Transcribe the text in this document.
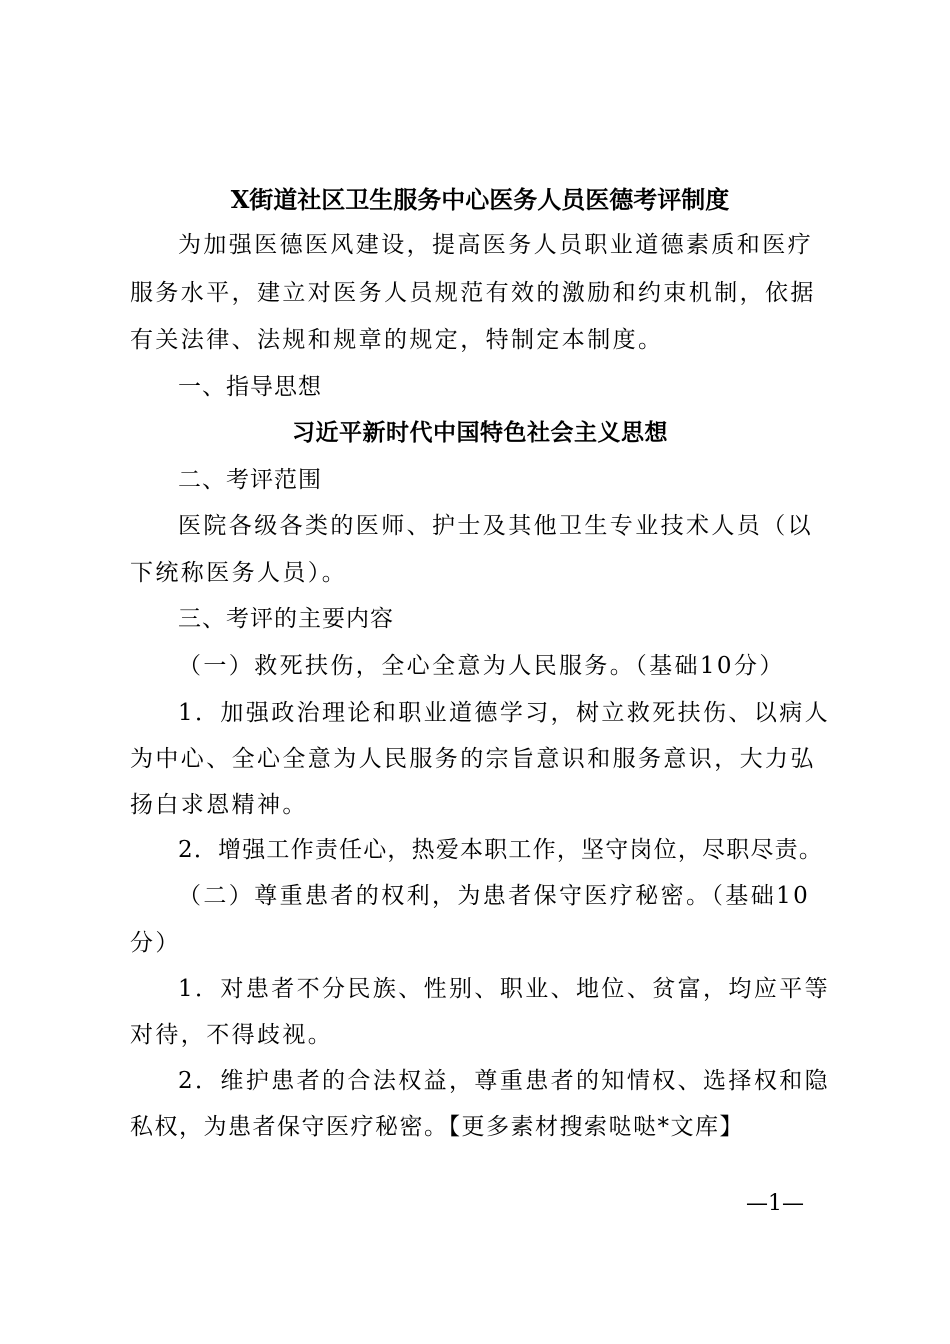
X街道社区卫生服务中心医务人员医德考评制度
为加强医德医风建设，提高医务人员职业道德素质和医疗
服务水平，建立对医务人员规范有效的激励和约束机制，依据
有关法律、法规和规章的规定，特制定本制度。
一、指导思想
习近平新时代中国特色社会主义思想
二、考评范围
医院各级各类的医师、护士及其他卫生专业技术人员（以
下统称医务人员）。
三、考评的主要内容
（一）救死扶伤，全心全意为人民服务。（基础10分）
1．加强政治理论和职业道德学习，树立救死扶伤、以病人
为中心、全心全意为人民服务的宗旨意识和服务意识，大力弘
扬白求恩精神。
2．增强工作责任心，热爱本职工作，坚守岗位，尽职尽责。
（二）尊重患者的权利，为患者保守医疗秘密。（基础10
分）
1．对患者不分民族、性别、职业、地位、贫富，均应平等
对待，不得歧视。
2．维护患者的合法权益，尊重患者的知情权、选择权和隐
私权，为患者保守医疗秘密。【更多素材搜索哒哒*文库】
—1—
